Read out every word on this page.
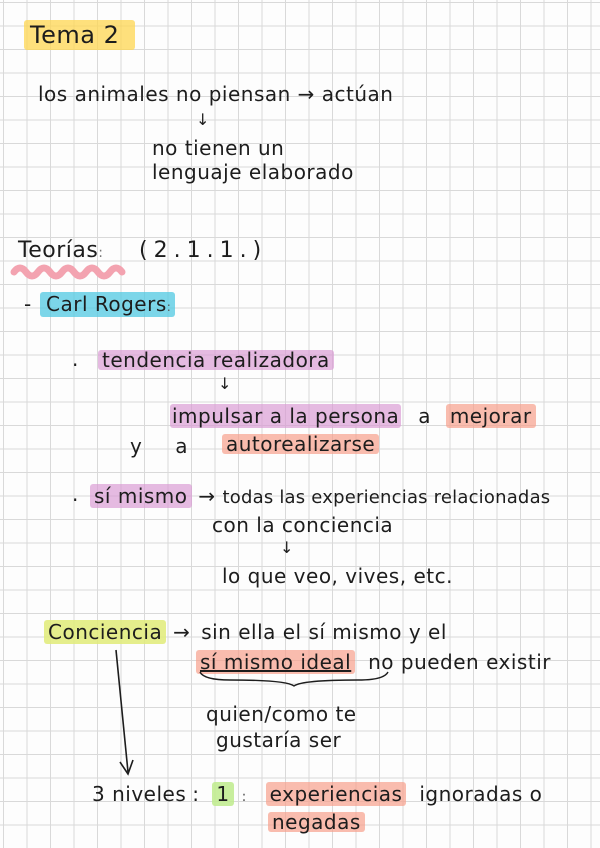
Tema 2
los animales no piensan → actúan
↓
no tienen un
lenguaje elaborado
Teorías: (2.1.1.)
- Carl Rogers:
· tendencia realizadora
↓
impulsar a la persona a mejorar
y a autorealizarse
· sí mismo → todas las experiencias relacionadas
con la conciencia
↓
lo que veo, vives, etc.
Conciencia → sin ella el sí mismo y el
sí mismo ideal no pueden existir
quien/como te
gustaría ser
3 niveles : 1 : experiencias ignoradas o
negadas
